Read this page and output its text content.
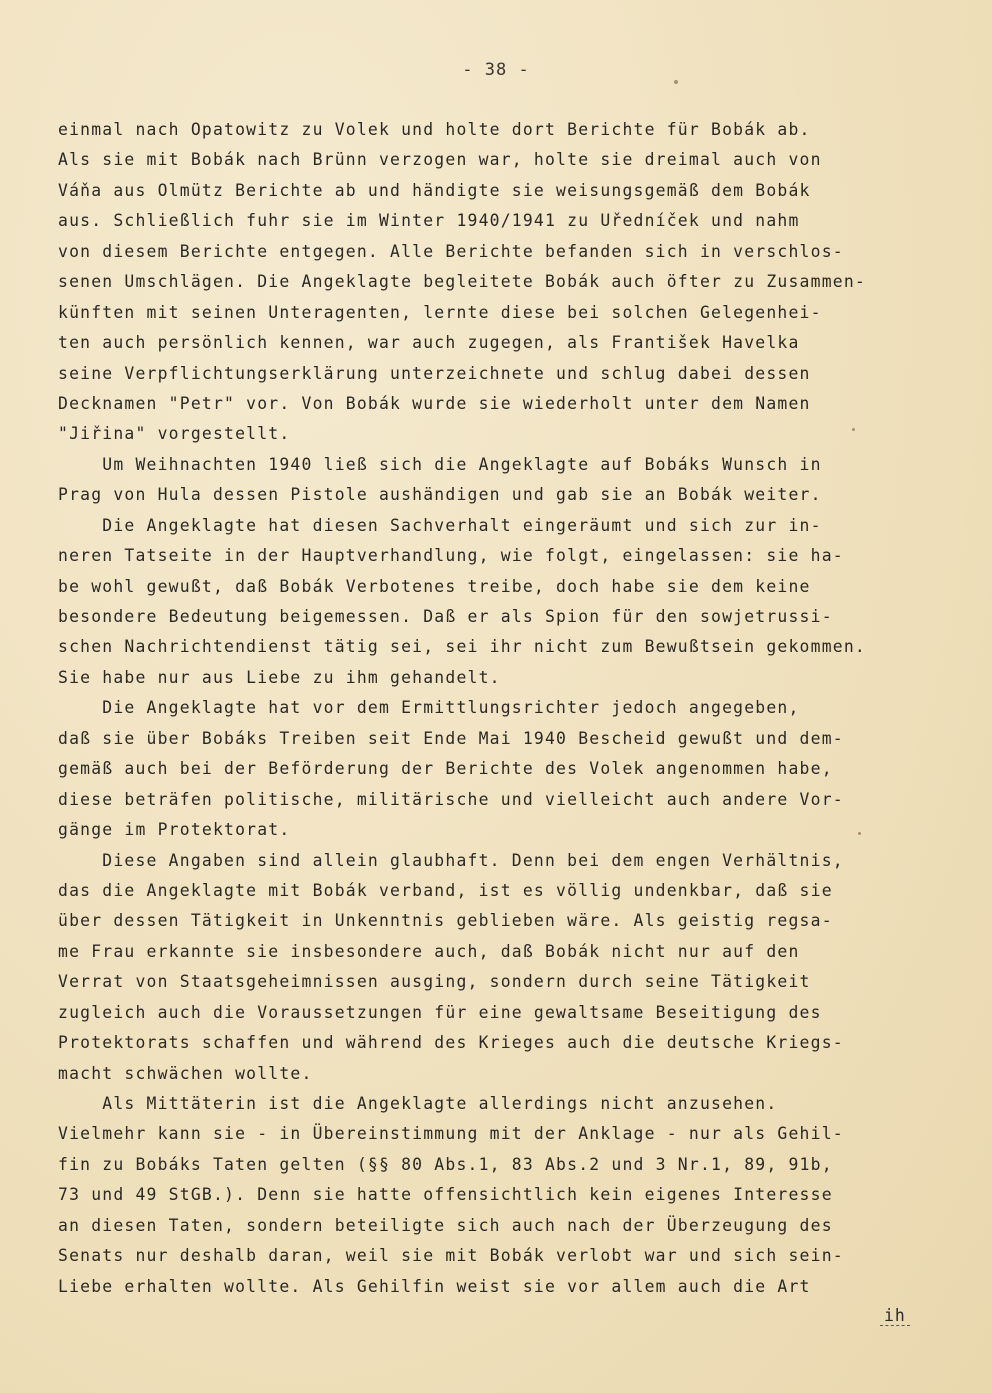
- 38 -
einmal nach Opatowitz zu Volek und holte dort Berichte für Bobák ab.
Als sie mit Bobák nach Brünn verzogen war, holte sie dreimal auch von
Váňa aus Olmütz Berichte ab und händigte sie weisungsgemäß dem Bobák
aus. Schließlich fuhr sie im Winter 1940/1941 zu Uředníček und nahm
von diesem Berichte entgegen. Alle Berichte befanden sich in verschlos-
senen Umschlägen. Die Angeklagte begleitete Bobák auch öfter zu Zusammen-
künften mit seinen Unteragenten, lernte diese bei solchen Gelegenhei-
ten auch persönlich kennen, war auch zugegen, als František Havelka
seine Verpflichtungserklärung unterzeichnete und schlug dabei dessen
Decknamen "Petr" vor. Von Bobák wurde sie wiederholt unter dem Namen
"Jiřina" vorgestellt.
Um Weihnachten 1940 ließ sich die Angeklagte auf Bobáks Wunsch in
Prag von Hula dessen Pistole aushändigen und gab sie an Bobák weiter.
Die Angeklagte hat diesen Sachverhalt eingeräumt und sich zur in-
neren Tatseite in der Hauptverhandlung, wie folgt, eingelassen: sie ha-
be wohl gewußt, daß Bobák Verbotenes treibe, doch habe sie dem keine
besondere Bedeutung beigemessen. Daß er als Spion für den sowjetrussi-
schen Nachrichtendienst tätig sei, sei ihr nicht zum Bewußtsein gekommen.
Sie habe nur aus Liebe zu ihm gehandelt.
Die Angeklagte hat vor dem Ermittlungsrichter jedoch angegeben,
daß sie über Bobáks Treiben seit Ende Mai 1940 Bescheid gewußt und dem-
gemäß auch bei der Beförderung der Berichte des Volek angenommen habe,
diese beträfen politische, militärische und vielleicht auch andere Vor-
gänge im Protektorat.
Diese Angaben sind allein glaubhaft. Denn bei dem engen Verhältnis,
das die Angeklagte mit Bobák verband, ist es völlig undenkbar, daß sie
über dessen Tätigkeit in Unkenntnis geblieben wäre. Als geistig regsa-
me Frau erkannte sie insbesondere auch, daß Bobák nicht nur auf den
Verrat von Staatsgeheimnissen ausging, sondern durch seine Tätigkeit
zugleich auch die Voraussetzungen für eine gewaltsame Beseitigung des
Protektorats schaffen und während des Krieges auch die deutsche Kriegs-
macht schwächen wollte.
Als Mittäterin ist die Angeklagte allerdings nicht anzusehen.
Vielmehr kann sie - in Übereinstimmung mit der Anklage - nur als Gehil-
fin zu Bobáks Taten gelten (§§ 80 Abs.1, 83 Abs.2 und 3 Nr.1, 89, 91b,
73 und 49 StGB.). Denn sie hatte offensichtlich kein eigenes Interesse
an diesen Taten, sondern beteiligte sich auch nach der Überzeugung des
Senats nur deshalb daran, weil sie mit Bobák verlobt war und sich sein-
Liebe erhalten wollte. Als Gehilfin weist sie vor allem auch die Art
ih
